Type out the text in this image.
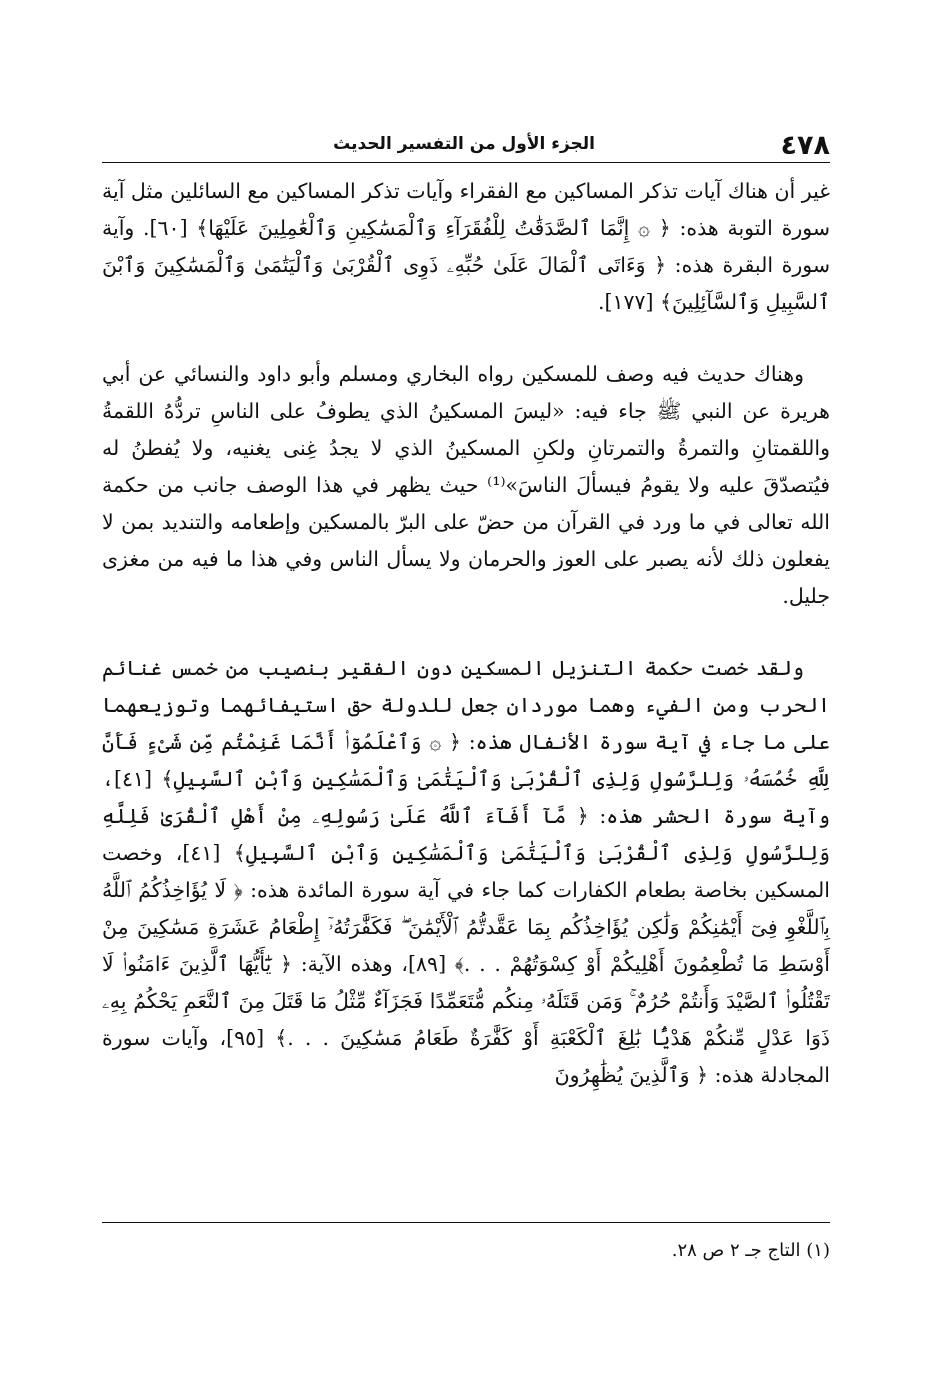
٤٧٨
الجزء الأول من التفسير الحديث

غير أن هناك آيات تذكر المساكين مع الفقراء وآيات تذكر المساكين مع السائلين مثل آية سورة التوبة هذه: ﴿ ۞ إِنَّمَا ٱلصَّدَقَٰتُ لِلْفُقَرَآءِ وَٱلْمَسَٰكِينِ وَٱلْعَٰمِلِينَ عَلَيْهَا﴾ [٦٠]. وآية سورة البقرة هذه: ﴿ وَءَاتَى ٱلْمَالَ عَلَىٰ حُبِّهِۦ ذَوِى ٱلْقُرْبَىٰ وَٱلْيَتَٰمَىٰ وَٱلْمَسَٰكِينَ وَٱبْنَ ٱلسَّبِيلِ وَٱلسَّآئِلِينَ﴾ [١٧٧].

وهناك حديث فيه وصف للمسكين رواه البخاري ومسلم وأبو داود والنسائي عن أبي هريرة عن النبي ﷺ جاء فيه: «ليسَ المسكينُ الذي يطوفُ على الناسِ تردُّهُ اللقمةُ واللقمتانِ والتمرةُ والتمرتانِ ولكنِ المسكينُ الذي لا يجدُ غِنى يغنيه، ولا يُفطنُ له فيُتصدّقَ عليه ولا يقومُ فيسألَ الناسَ»⁽¹⁾ حيث يظهر في هذا الوصف جانب من حكمة الله تعالى في ما ورد في القرآن من حضّ على البرّ بالمسكين وإطعامه والتنديد بمن لا يفعلون ذلك لأنه يصبر على العوز والحرمان ولا يسأل الناس وفي هذا ما فيه من مغزى جليل.

ولقد خصت حكمة التنزيل المسكين دون الفقير بنصيب من خمس غنائم الحرب ومن الفيء وهما موردان جعل للدولة حق استيفائهما وتوزيعهما على ما جاء في آية سورة الأنفال هذه: ﴿ ۞ وَٱعْلَمُوٓا۟ أَنَّمَا غَنِمْتُم مِّن شَىْءٍ فَأَنَّ لِلَّهِ خُمُسَهُۥ وَلِلرَّسُولِ وَلِذِى ٱلْقُرْبَىٰ وَٱلْيَتَٰمَىٰ وَٱلْمَسَٰكِينِ وَٱبْنِ ٱلسَّبِيلِ﴾ [٤١]، وآية سورة الحشر هذه: ﴿ مَّآ أَفَآءَ ٱللَّهُ عَلَىٰ رَسُولِهِۦ مِنْ أَهْلِ ٱلْقُرَىٰ فَلِلَّهِ وَلِلرَّسُولِ وَلِذِى ٱلْقُرْبَىٰ وَٱلْيَتَٰمَىٰ وَٱلْمَسَٰكِينِ وَٱبْنِ ٱلسَّبِيلِ﴾ [٤١]، وخصت المسكين بخاصة بطعام الكفارات كما جاء في آية سورة المائدة هذه: ﴿ لَا يُؤَاخِذُكُمُ ٱللَّهُ بِٱللَّغْوِ فِىٓ أَيْمَٰنِكُمْ وَلَٰكِن يُؤَاخِذُكُم بِمَا عَقَّدتُّمُ ٱلْأَيْمَٰنَ ۖ فَكَفَّٰرَتُهُۥٓ إِطْعَامُ عَشَرَةِ مَسَٰكِينَ مِنْ أَوْسَطِ مَا تُطْعِمُونَ أَهْلِيكُمْ أَوْ كِسْوَتُهُمْ . . .﴾ [٨٩]، وهذه الآية: ﴿ يَٰٓأَيُّهَا ٱلَّذِينَ ءَامَنُوا۟ لَا تَقْتُلُوا۟ ٱلصَّيْدَ وَأَنتُمْ حُرُمٌ ۚ وَمَن قَتَلَهُۥ مِنكُم مُّتَعَمِّدًا فَجَزَآءٌ مِّثْلُ مَا قَتَلَ مِنَ ٱلنَّعَمِ يَحْكُمُ بِهِۦ ذَوَا عَدْلٍ مِّنكُمْ هَدْيًۢا بَٰلِغَ ٱلْكَعْبَةِ أَوْ كَفَّٰرَةٌ طَعَامُ مَسَٰكِينَ . . .﴾ [٩٥]، وآيات سورة المجادلة هذه: ﴿ وَٱلَّذِينَ يُظَٰهِرُونَ

(١) التاج جـ ٢ ص ٢٨.
